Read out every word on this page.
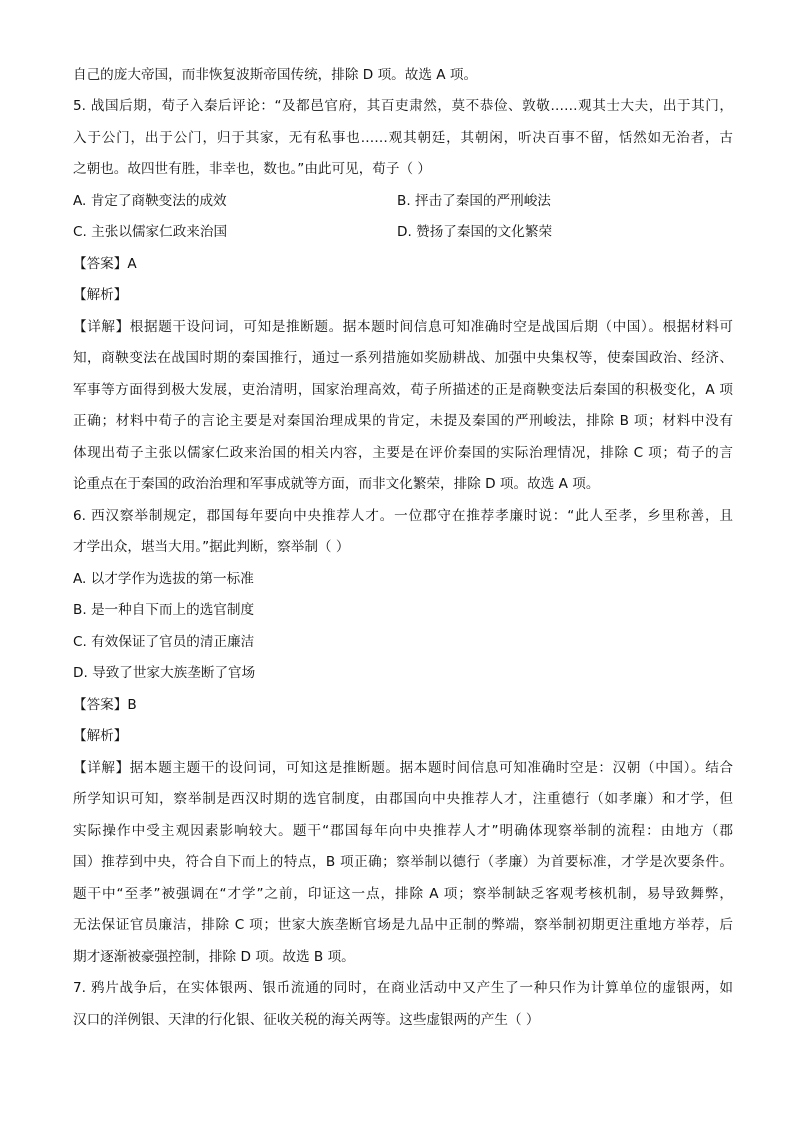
自己的庞大帝国，而非恢复波斯帝国传统，排除 D 项。故选 A 项。
5. 战国后期，荀子入秦后评论：“及都邑官府，其百吏肃然，莫不恭俭、敦敬……观其士大夫，出于其门，
入于公门，出于公门，归于其家，无有私事也……观其朝廷，其朝闲，听决百事不留，恬然如无治者，古
之朝也。故四世有胜，非幸也，数也。”由此可见，荀子（ ）
A. 肯定了商鞅变法的成效	B. 抨击了秦国的严刑峻法
C. 主张以儒家仁政来治国	D. 赞扬了秦国的文化繁荣
【答案】A
【解析】
【详解】根据题干设问词，可知是推断题。据本题时间信息可知准确时空是战国后期（中国）。根据材料可
知，商鞅变法在战国时期的秦国推行，通过一系列措施如奖励耕战、加强中央集权等，使秦国政治、经济、
军事等方面得到极大发展，吏治清明，国家治理高效，荀子所描述的正是商鞅变法后秦国的积极变化，A 项
正确；材料中荀子的言论主要是对秦国治理成果的肯定，未提及秦国的严刑峻法，排除 B 项；材料中没有
体现出荀子主张以儒家仁政来治国的相关内容，主要是在评价秦国的实际治理情况，排除 C 项；荀子的言
论重点在于秦国的政治治理和军事成就等方面，而非文化繁荣，排除 D 项。故选 A 项。
6. 西汉察举制规定，郡国每年要向中央推荐人才。一位郡守在推荐孝廉时说：“此人至孝，乡里称善，且
才学出众，堪当大用。”据此判断，察举制（ ）
A. 以才学作为选拔的第一标准
B. 是一种自下而上的选官制度
C. 有效保证了官员的清正廉洁
D. 导致了世家大族垄断了官场
【答案】B
【解析】
【详解】据本题主题干的设问词，可知这是推断题。据本题时间信息可知准确时空是：汉朝（中国）。结合
所学知识可知，察举制是西汉时期的选官制度，由郡国向中央推荐人才，注重德行（如孝廉）和才学，但
实际操作中受主观因素影响较大。题干“郡国每年向中央推荐人才”明确体现察举制的流程：由地方（郡
国）推荐到中央，符合自下而上的特点，B 项正确；察举制以德行（孝廉）为首要标准，才学是次要条件。
题干中“至孝”被强调在“才学”之前，印证这一点，排除 A 项；察举制缺乏客观考核机制，易导致舞弊，
无法保证官员廉洁，排除 C 项；世家大族垄断官场是九品中正制的弊端，察举制初期更注重地方举荐，后
期才逐渐被豪强控制，排除 D 项。故选 B 项。
7. 鸦片战争后，在实体银两、银币流通的同时，在商业活动中又产生了一种只作为计算单位的虚银两，如
汉口的洋例银、天津的行化银、征收关税的海关两等。这些虚银两的产生（ ）
